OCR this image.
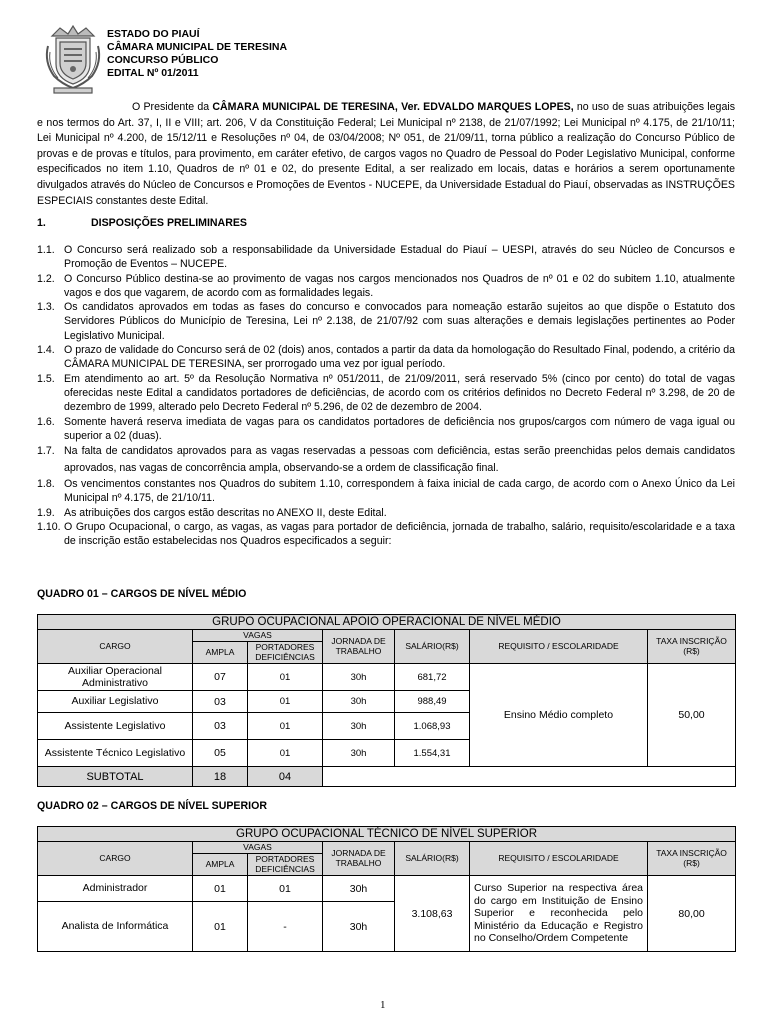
ESTADO DO PIAUÍ
CÂMARA MUNICIPAL DE TERESINA
CONCURSO PÚBLICO
EDITAL Nº 01/2011
O Presidente da CÂMARA MUNICIPAL DE TERESINA, Ver. EDVALDO MARQUES LOPES, no uso de suas atribuições legais e nos termos do Art. 37, I, II e VIII; art. 206, V da Constituição Federal; Lei Municipal nº 2138, de 21/07/1992; Lei Municipal nº 4.175, de 21/10/11; Lei Municipal nº 4.200, de 15/12/11 e Resoluções nº 04, de 03/04/2008; Nº 051, de 21/09/11, torna público a realização do Concurso Público de provas e de provas e títulos, para provimento, em caráter efetivo, de cargos vagos no Quadro de Pessoal do Poder Legislativo Municipal, conforme especificados no item 1.10, Quadros de nº 01 e 02, do presente Edital, a ser realizado em locais, datas e horários a serem oportunamente divulgados através do Núcleo de Concursos e Promoções de Eventos - NUCEPE, da Universidade Estadual do Piauí, observadas as INSTRUÇÕES ESPECIAIS constantes deste Edital.
1.	DISPOSIÇÕES PRELIMINARES
1.1. O Concurso será realizado sob a responsabilidade da Universidade Estadual do Piauí – UESPI, através do seu Núcleo de Concursos e Promoção de Eventos – NUCEPE.
1.2. O Concurso Público destina-se ao provimento de vagas nos cargos mencionados nos Quadros de nº 01 e 02 do subitem 1.10, atualmente vagos e dos que vagarem, de acordo com as formalidades legais.
1.3. Os candidatos aprovados em todas as fases do concurso e convocados para nomeação estarão sujeitos ao que dispõe o Estatuto dos Servidores Públicos do Município de Teresina, Lei nº 2.138, de 21/07/92 com suas alterações e demais legislações pertinentes ao Poder Legislativo Municipal.
1.4. O prazo de validade do Concurso será de 02 (dois) anos, contados a partir da data da homologação do Resultado Final, podendo, a critério da CÂMARA MUNICIPAL DE TERESINA, ser prorrogado uma vez por igual período.
1.5. Em atendimento ao art. 5º da Resolução Normativa nº 051/2011, de 21/09/2011, será reservado 5% (cinco por cento) do total de vagas oferecidas neste Edital a candidatos portadores de deficiências, de acordo com os critérios definidos no Decreto Federal nº 3.298, de 20 de dezembro de 1999, alterado pelo Decreto Federal nº 5.296, de 02 de dezembro de 2004.
1.6. Somente haverá reserva imediata de vagas para os candidatos portadores de deficiência nos grupos/cargos com número de vaga igual ou superior a 02 (duas).
1.7. Na falta de candidatos aprovados para as vagas reservadas a pessoas com deficiência, estas serão preenchidas pelos demais candidatos aprovados, nas vagas de concorrência ampla, observando-se a ordem de classificação final.
1.8. Os vencimentos constantes nos Quadros do subitem 1.10, correspondem à faixa inicial de cada cargo, de acordo com o Anexo Único da Lei Municipal nº 4.175, de 21/10/11.
1.9. As atribuições dos cargos estão descritas no ANEXO II, deste Edital.
1.10. O Grupo Ocupacional, o cargo, as vagas, as vagas para portador de deficiência, jornada de trabalho, salário, requisito/escolaridade e a taxa de inscrição estão estabelecidas nos Quadros especificados a seguir:
QUADRO 01 – CARGOS DE NÍVEL MÉDIO
GRUPO OCUPACIONAL APOIO OPERACIONAL DE NÍVEL MÉDIO						
CARGO	VAGAS		JORNADA DE TRABALHO	SALÁRIO(R$)	REQUISITO / ESCOLARIDADE	TAXA INSCRIÇÃO (R$)
	AMPLA	PORTADORES DEFICIÊNCIAS				
Auxiliar Operacional Administrativo	07	01	30h	681,72	Ensino Médio completo	50,00
Auxiliar Legislativo	03	01	30h	988,49		
Assistente Legislativo	03	01	30h	1.068,93		
Assistente Técnico Legislativo	05	01	30h	1.554,31		
SUBTOTAL	18	04				
QUADRO 02 – CARGOS DE NÍVEL SUPERIOR
GRUPO OCUPACIONAL TÉCNICO DE NÍVEL SUPERIOR						
CARGO	VAGAS		JORNADA DE TRABALHO	SALÁRIO(R$)	REQUISITO / ESCOLARIDADE	TAXA INSCRIÇÃO (R$)
	AMPLA	PORTADORES DEFICIÊNCIAS				
Administrador	01	01	30h	3.108,63	Curso Superior na respectiva área do cargo em Instituição de Ensino Superior e reconhecida pelo Ministério da Educação e Registro no Conselho/Ordem Competente	80,00
Analista de Informática	01	-	30h			
1
